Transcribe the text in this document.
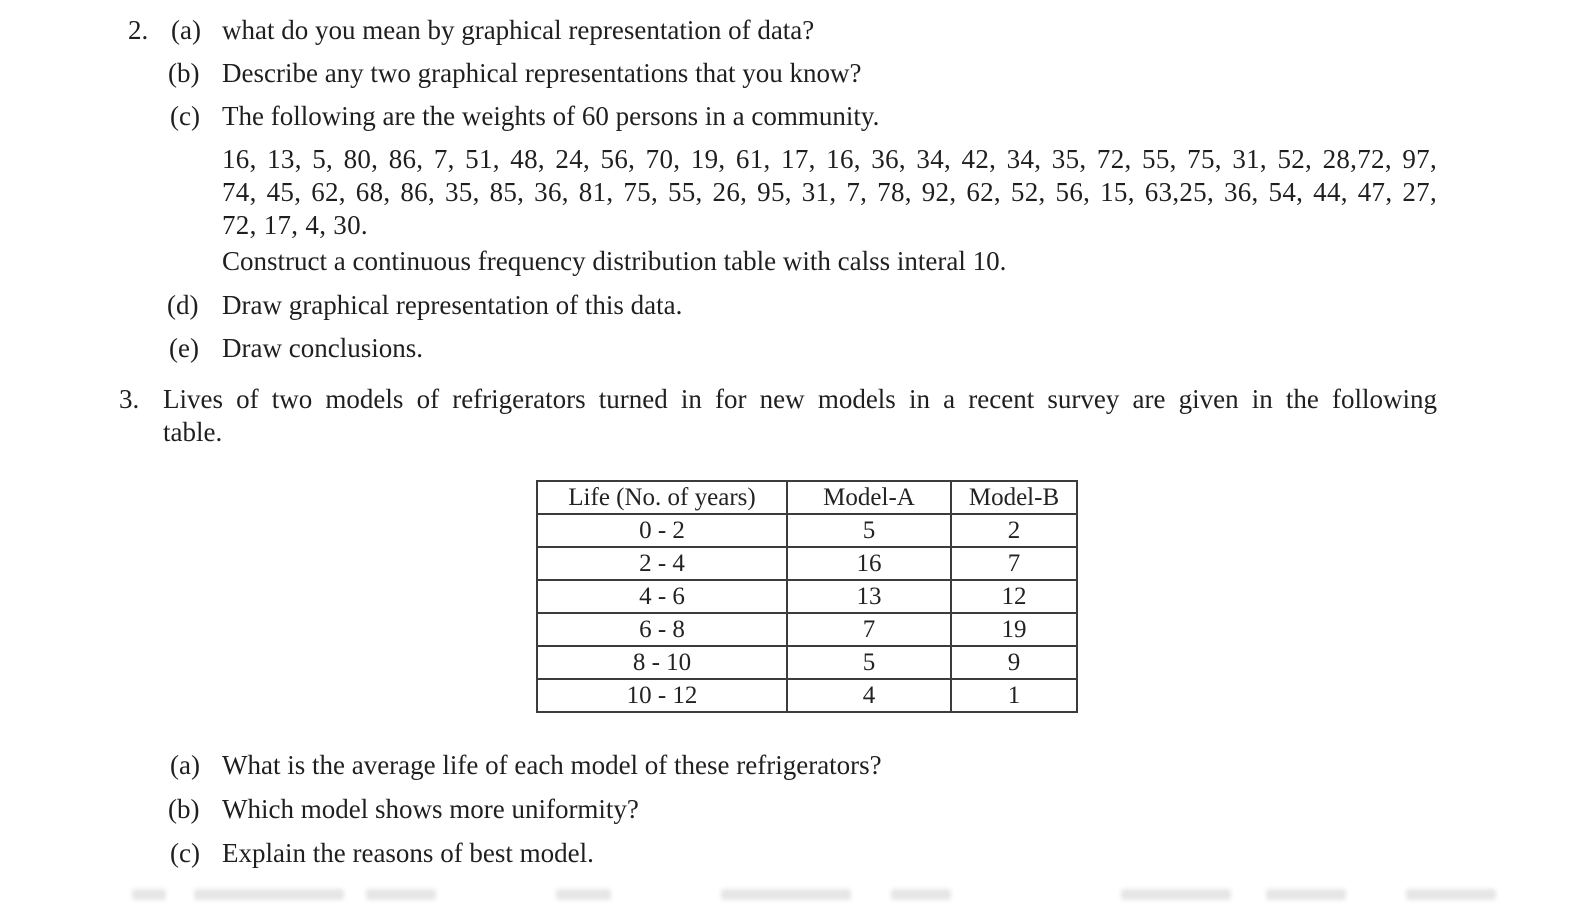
2. (a) what do you mean by graphical representation of data?
(b) Describe any two graphical representations that you know?
(c) The following are the weights of 60 persons in a community.
16, 13, 5, 80, 86, 7, 51, 48, 24, 56, 70, 19, 61, 17, 16, 36, 34, 42, 34, 35, 72, 55, 75, 31, 52, 28,72, 97,
74, 45, 62, 68, 86, 35, 85, 36, 81, 75, 55, 26, 95, 31, 7, 78, 92, 62, 52, 56, 15, 63,25, 36, 54, 44, 47, 27,
72, 17, 4, 30.
Construct a continuous frequency distribution table with calss interal 10.
(d) Draw graphical representation of this data.
(e) Draw conclusions.
3. Lives of two models of refrigerators turned in for new models in a recent survey are given in the following
table.
Life (No. of years)	Model-A	Model-B
0 - 2	5	2
2 - 4	16	7
4 - 6	13	12
6 - 8	7	19
8 - 10	5	9
10 - 12	4	1
(a) What is the average life of each model of these refrigerators?
(b) Which model shows more uniformity?
(c) Explain the reasons of best model.
